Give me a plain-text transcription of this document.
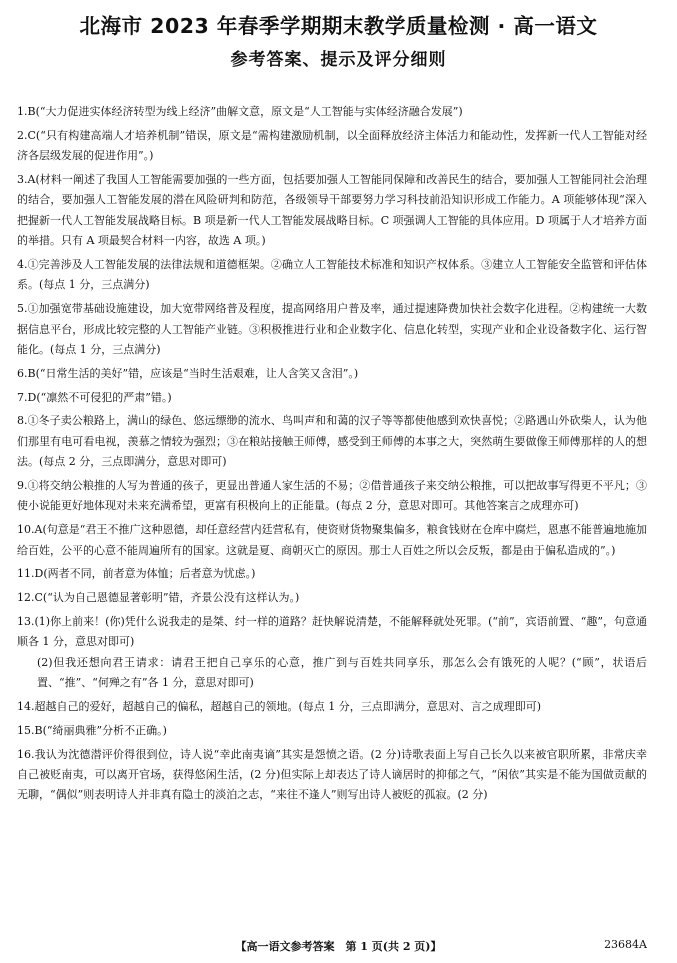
北海市 2023 年春季学期期末教学质量检测 · 高一语文
参考答案、提示及评分细则
1.B(“大力促进实体经济转型为线上经济”曲解文意，原文是“人工智能与实体经济融合发展”)
2.C(“只有构建高端人才培养机制”错误，原文是“需构建激励机制，以全面释放经济主体活力和能动性，发挥新一代人工智能对经济各层级发展的促进作用”。)
3.A(材料一阐述了我国人工智能需要加强的一些方面，包括要加强人工智能同保障和改善民生的结合，要加强人工智能同社会治理的结合，要加强人工智能发展的潜在风险研判和防范，各级领导干部要努力学习科技前沿知识形成工作能力。A 项能够体现“深入把握新一代人工智能发展战略目标。B 项是新一代人工智能发展战略目标。C 项强调人工智能的具体应用。D 项属于人才培养方面的举措。只有 A 项最契合材料一内容，故选 A 项。)
4.①完善涉及人工智能发展的法律法规和道德框架。②确立人工智能技术标准和知识产权体系。③建立人工智能安全监管和评估体系。(每点 1 分，三点满分)
5.①加强宽带基础设施建设，加大宽带网络普及程度，提高网络用户普及率，通过提速降费加快社会数字化进程。②构建统一大数据信息平台，形成比较完整的人工智能产业链。③积极推进行业和企业数字化、信息化转型，实现产业和企业设备数字化、运行智能化。(每点 1 分，三点满分)
6.B(“日常生活的美好”错，应该是“当时生活艰难，让人含笑又含泪”。)
7.D(“凛然不可侵犯的严肃”错。)
8.①冬子卖公粮路上，满山的绿色、悠远缥缈的流水、鸟叫声和和蔼的汉子等等都使他感到欢快喜悦；②路遇山外砍柴人，认为他们那里有电可看电视，羡慕之情较为强烈；③在粮站接触王师傅，感受到王师傅的本事之大，突然萌生要做像王师傅那样的人的想法。(每点 2 分，三点即满分，意思对即可)
9.①将交纳公粮推的人写为普通的孩子，更显出普通人家生活的不易；②借普通孩子来交纳公粮推，可以把故事写得更不平凡；③使小说能更好地体现对未来充满希望，更富有积极向上的正能量。(每点 2 分，意思对即可。其他答案言之成理亦可)
10.A(句意是“君王不推广这种恩德，却任意经营内廷营私有，使资财货物聚集偏多，粮食钱财在仓库中腐烂，恩惠不能普遍地施加给百姓，公平的心意不能周遍所有的国家。这就是夏、商朝灭亡的原因。那士人百姓之所以会反叛，都是由于偏私造成的”。)
11.D(两者不同，前者意为体恤；后者意为忧虑。)
12.C(“认为自己恩德显著彰明”错，齐景公没有这样认为。)
13.(1)你上前来！(你)凭什么说我走的是桀、纣一样的道路？赶快解说清楚，不能解释就处死罪。(“前”，宾语前置、“趣”，句意通顺各 1 分，意思对即可)
(2)但我还想向君王请求：请君王把自己享乐的心意，推广到与百姓共同享乐，那怎么会有饿死的人呢？(“顾”，状语后置、“推”、“何殚之有”各 1 分，意思对即可)
14.超越自己的爱好，超越自己的偏私，超越自己的领地。(每点 1 分，三点即满分，意思对、言之成理即可)
15.B(“绮丽典雅”分析不正确。)
16.我认为沈德潜评价得很到位，诗人说“幸此南夷谪”其实是怨愤之语。(2 分)诗歌表面上写自己长久以来被官职所累，非常庆幸自己被贬南夷，可以离开官场，获得悠闲生活，(2 分)但实际上却表达了诗人谪居时的抑郁之气，“闲依”其实是不能为国做贡献的无聊，“偶似”则表明诗人并非真有隐士的淡泊之志，“来往不逢人”则写出诗人被贬的孤寂。(2 分)
【高一语文参考答案　第 1 页(共 2 页)】	23684A
